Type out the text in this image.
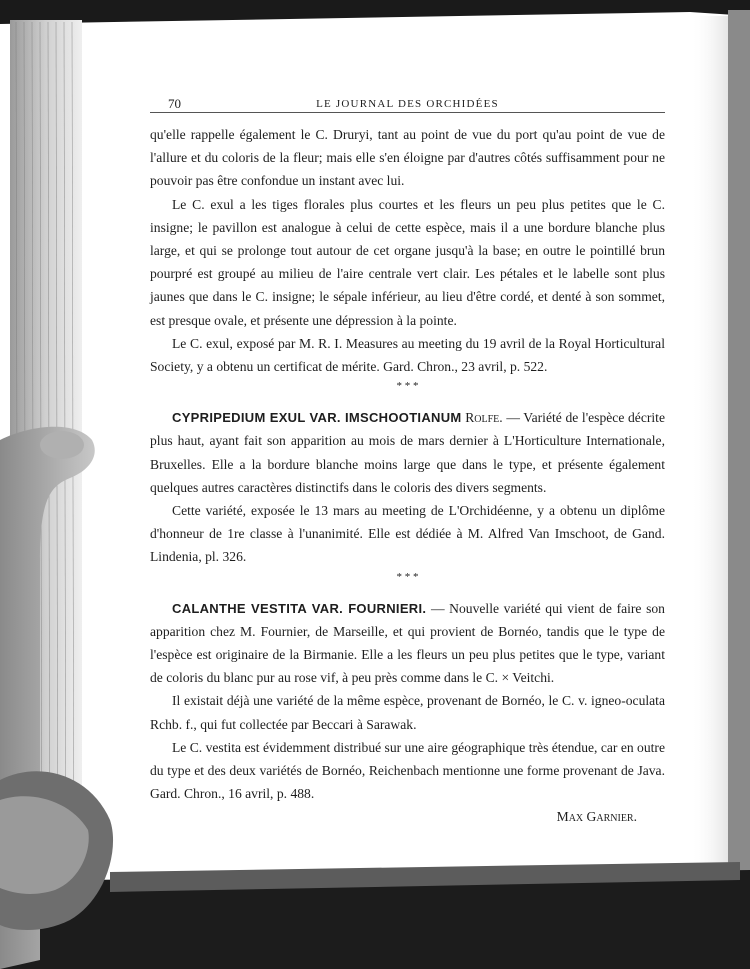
70	LE JOURNAL DES ORCHIDÉES

qu'elle rappelle également le C. Druryi, tant au point de vue du port qu'au point de vue de l'allure et du coloris de la fleur; mais elle s'en éloigne par d'autres côtés suffisamment pour ne pouvoir pas être confondue un instant avec lui.

Le C. exul a les tiges florales plus courtes et les fleurs un peu plus petites que le C. insigne; le pavillon est analogue à celui de cette espèce, mais il a une bordure blanche plus large, et qui se prolonge tout autour de cet organe jusqu'à la base; en outre le pointillé brun pourpré est groupé au milieu de l'aire centrale vert clair. Les pétales et le labelle sont plus jaunes que dans le C. insigne; le sépale inférieur, au lieu d'être cordé, et denté à son sommet, est presque ovale, et présente une dépression à la pointe.

Le C. exul, exposé par M. R. I. Measures au meeting du 19 avril de la Royal Horticultural Society, y a obtenu un certificat de mérite. Gard. Chron., 23 avril, p. 522.

* * *

CYPRIPEDIUM EXUL VAR. IMSCHOOTIANUM Rolfe. — Variété de l'espèce décrite plus haut, ayant fait son apparition au mois de mars dernier à L'Horticulture Internationale, Bruxelles. Elle a la bordure blanche moins large que dans le type, et présente également quelques autres caractères distinctifs dans le coloris des divers segments.

Cette variété, exposée le 13 mars au meeting de L'Orchidéenne, y a obtenu un diplôme d'honneur de 1re classe à l'unanimité. Elle est dédiée à M. Alfred Van Imschoot, de Gand. Lindenia, pl. 326.

* * *

CALANTHE VESTITA VAR. FOURNIERI. — Nouvelle variété qui vient de faire son apparition chez M. Fournier, de Marseille, et qui provient de Bornéo, tandis que le type de l'espèce est originaire de la Birmanie. Elle a les fleurs un peu plus petites que le type, variant de coloris du blanc pur au rose vif, à peu près comme dans le C. × Veitchi.

Il existait déjà une variété de la même espèce, provenant de Bornéo, le C. v. igneo-oculata Rchb. f., qui fut collectée par Beccari à Sarawak.

Le C. vestita est évidemment distribué sur une aire géographique très étendue, car en outre du type et des deux variétés de Bornéo, Reichenbach mentionne une forme provenant de Java. Gard. Chron., 16 avril, p. 488.

Max Garnier.
